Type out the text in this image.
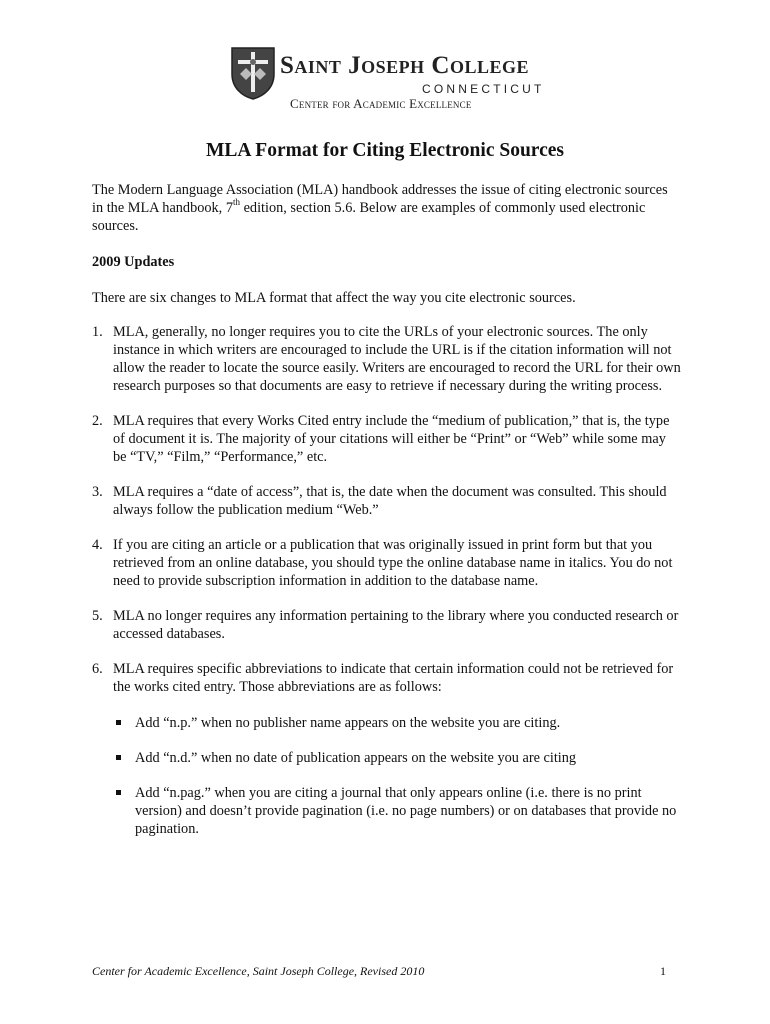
Saint Joseph College
CONNECTICUT
Center for Academic Excellence
MLA Format for Citing Electronic Sources

The Modern Language Association (MLA) handbook addresses the issue of citing electronic sources in the MLA handbook, 7th edition, section 5.6. Below are examples of commonly used electronic sources.

2009 Updates

There are six changes to MLA format that affect the way you cite electronic sources.

1. MLA, generally, no longer requires you to cite the URLs of your electronic sources. The only instance in which writers are encouraged to include the URL is if the citation information will not allow the reader to locate the source easily. Writers are encouraged to record the URL for their own research purposes so that documents are easy to retrieve if necessary during the writing process.
2. MLA requires that every Works Cited entry include the “medium of publication,” that is, the type of document it is. The majority of your citations will either be “Print” or “Web” while some may be “TV,” “Film,” “Performance,” etc.
3. MLA requires a “date of access”, that is, the date when the document was consulted. This should always follow the publication medium “Web.”
4. If you are citing an article or a publication that was originally issued in print form but that you retrieved from an online database, you should type the online database name in italics. You do not need to provide subscription information in addition to the database name.
5. MLA no longer requires any information pertaining to the library where you conducted research or accessed databases.
6. MLA requires specific abbreviations to indicate that certain information could not be retrieved for the works cited entry. Those abbreviations are as follows:
Add “n.p.” when no publisher name appears on the website you are citing.
Add “n.d.” when no date of publication appears on the website you are citing
Add “n.pag.” when you are citing a journal that only appears online (i.e. there is no print version) and doesn’t provide pagination (i.e. no page numbers) or on databases that provide no pagination.
Center for Academic Excellence, Saint Joseph College, Revised 2010	1
